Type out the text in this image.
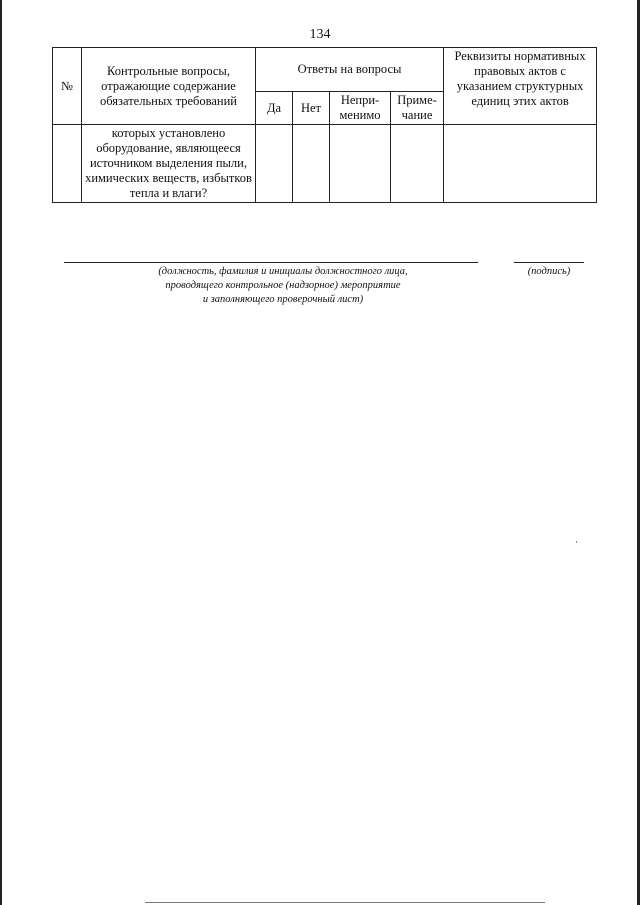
134
№	Контрольные вопросы, отражающие содержание обязательных требований	Ответы на вопросы				Реквизиты нормативных правовых актов с указанием структурных единиц этих актов
		Да	Нет	Непри-менимо	Приме-чание	
	которых установлено оборудование, являющееся источником выделения пыли, химических веществ, избытков тепла и влаги?					
(должность, фамилия и инициалы должностного лица,
проводящего контрольное (надзорное) мероприятие
и заполняющего проверочный лист)
(подпись)
